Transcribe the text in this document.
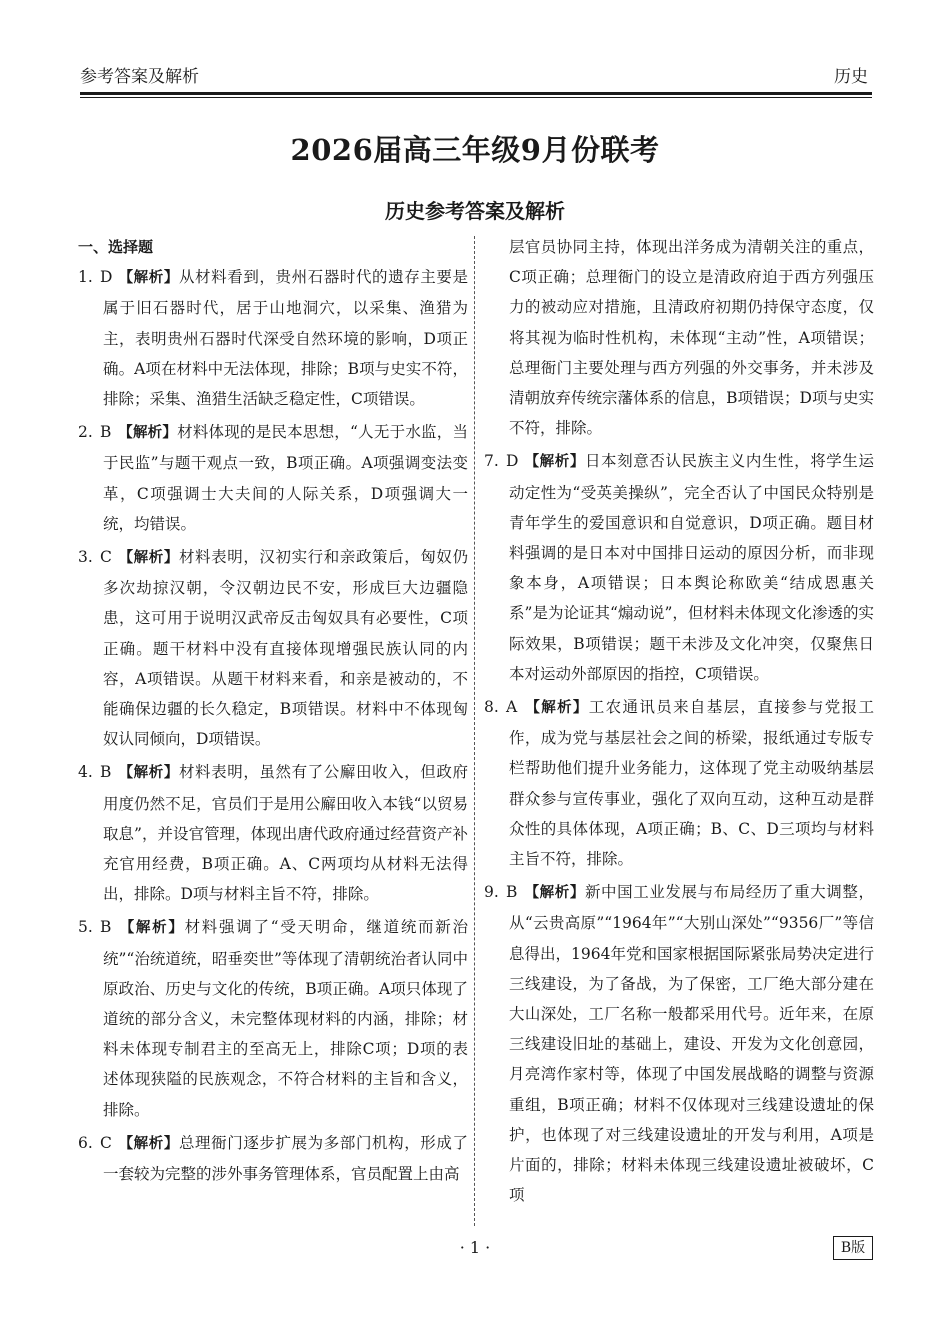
参考答案及解析	历史
2026届高三年级9月份联考
历史参考答案及解析
一、选择题

1. D 【解析】从材料看到，贵州石器时代的遗存主要是属于旧石器时代，居于山地洞穴，以采集、渔猎为主，表明贵州石器时代深受自然环境的影响，D项正确。A项在材料中无法体现，排除；B项与史实不符，排除；采集、渔猎生活缺乏稳定性，C项错误。

2. B 【解析】材料体现的是民本思想，“人无于水监，当于民监”与题干观点一致，B项正确。A项强调变法变革，C项强调士大夫间的人际关系，D项强调大一统，均错误。

3. C 【解析】材料表明，汉初实行和亲政策后，匈奴仍多次劫掠汉朝，令汉朝边民不安，形成巨大边疆隐患，这可用于说明汉武帝反击匈奴具有必要性，C项正确。题干材料中没有直接体现增强民族认同的内容，A项错误。从题干材料来看，和亲是被动的，不能确保边疆的长久稳定，B项错误。材料中不体现匈奴认同倾向，D项错误。

4. B 【解析】材料表明，虽然有了公廨田收入，但政府用度仍然不足，官员们于是用公廨田收入本钱“以贸易取息”，并设官管理，体现出唐代政府通过经营资产补充官用经费，B项正确。A、C两项均从材料无法得出，排除。D项与材料主旨不符，排除。

5. B 【解析】材料强调了“受天明命，继道统而新治统”“治统道统，昭垂奕世”等体现了清朝统治者认同中原政治、历史与文化的传统，B项正确。A项只体现了道统的部分含义，未完整体现材料的内涵，排除；材料未体现专制君主的至高无上，排除C项；D项的表述体现狭隘的民族观念，不符合材料的主旨和含义，排除。

6. C 【解析】总理衙门逐步扩展为多部门机构，形成了一套较为完整的涉外事务管理体系，官员配置上由高

层官员协同主持，体现出洋务成为清朝关注的重点，C项正确；总理衙门的设立是清政府迫于西方列强压力的被动应对措施，且清政府初期仍持保守态度，仅将其视为临时性机构，未体现“主动”性，A项错误；总理衙门主要处理与西方列强的外交事务，并未涉及清朝放弃传统宗藩体系的信息，B项错误；D项与史实不符，排除。

7. D 【解析】日本刻意否认民族主义内生性，将学生运动定性为“受英美操纵”，完全否认了中国民众特别是青年学生的爱国意识和自觉意识，D项正确。题目材料强调的是日本对中国排日运动的原因分析，而非现象本身，A项错误；日本舆论称欧美“结成恩惠关系”是为论证其“煽动说”，但材料未体现文化渗透的实际效果，B项错误；题干未涉及文化冲突，仅聚焦日本对运动外部原因的指控，C项错误。

8. A 【解析】工农通讯员来自基层，直接参与党报工作，成为党与基层社会之间的桥梁，报纸通过专版专栏帮助他们提升业务能力，这体现了党主动吸纳基层群众参与宣传事业，强化了双向互动，这种互动是群众性的具体体现，A项正确；B、C、D三项均与材料主旨不符，排除。

9. B 【解析】新中国工业发展与布局经历了重大调整，从“云贵高原”“1964年”“大别山深处”“9356厂”等信息得出，1964年党和国家根据国际紧张局势决定进行三线建设，为了备战，为了保密，工厂绝大部分建在大山深处，工厂名称一般都采用代号。近年来，在原三线建设旧址的基础上，建设、开发为文化创意园，月亮湾作家村等，体现了中国发展战略的调整与资源重组，B项正确；材料不仅体现对三线建设遗址的保护，也体现了对三线建设遗址的开发与利用，A项是片面的，排除；材料未体现三线建设遗址被破坏，C项

· 1 ·	B版
